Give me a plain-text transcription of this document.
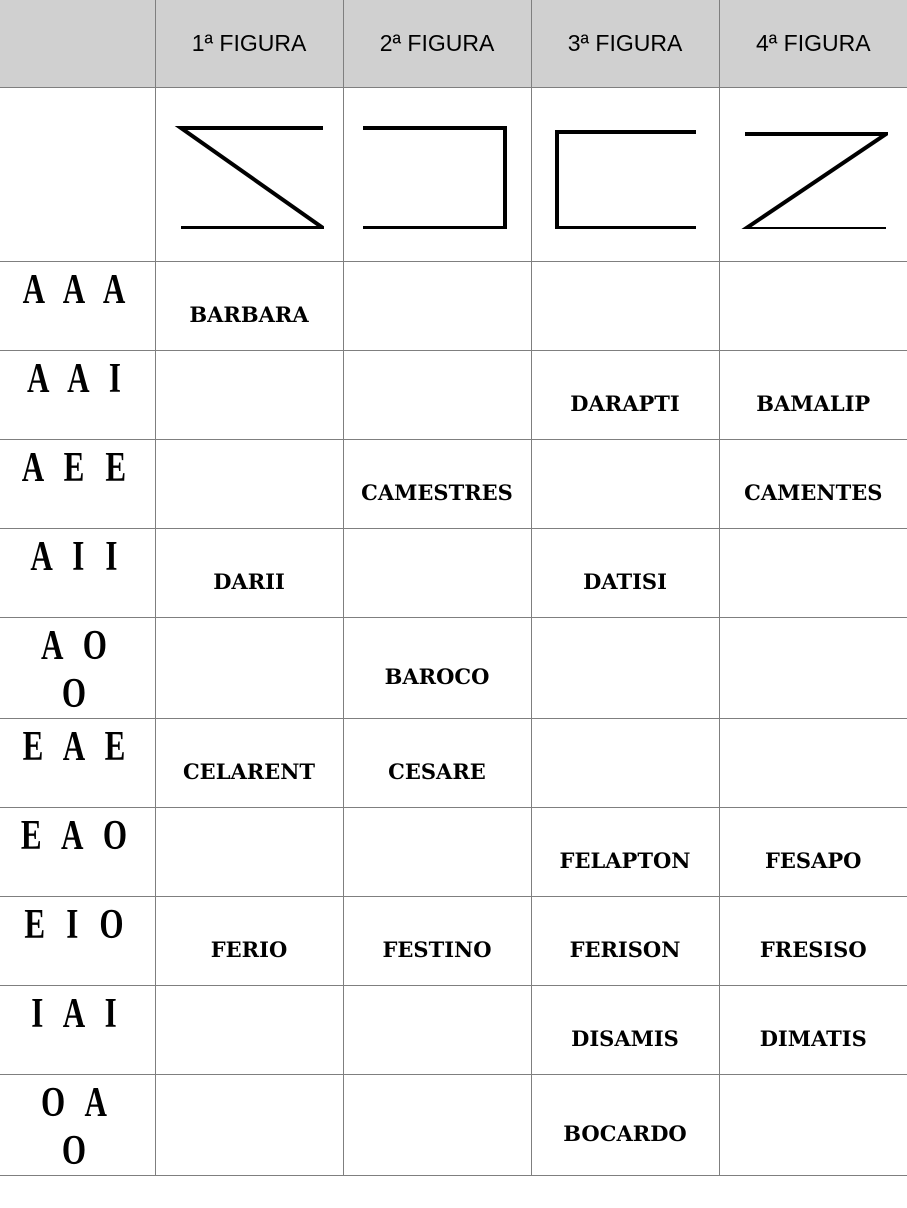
	1ª FIGURA	2ª FIGURA	3ª FIGURA	4ª FIGURA

A A A	BARBARA			
A A I			DARAPTI	BAMALIP
A E E		CAMESTRES		CAMENTES
A I I	DARII		DATISI	
A O O		BAROCO		
E A E	CELARENT	CESARE		
E A O			FELAPTON	FESAPO
E I O	FERIO	FESTINO	FERISON	FRESISO
I A I			DISAMIS	DIMATIS
O A O			BOCARDO	
